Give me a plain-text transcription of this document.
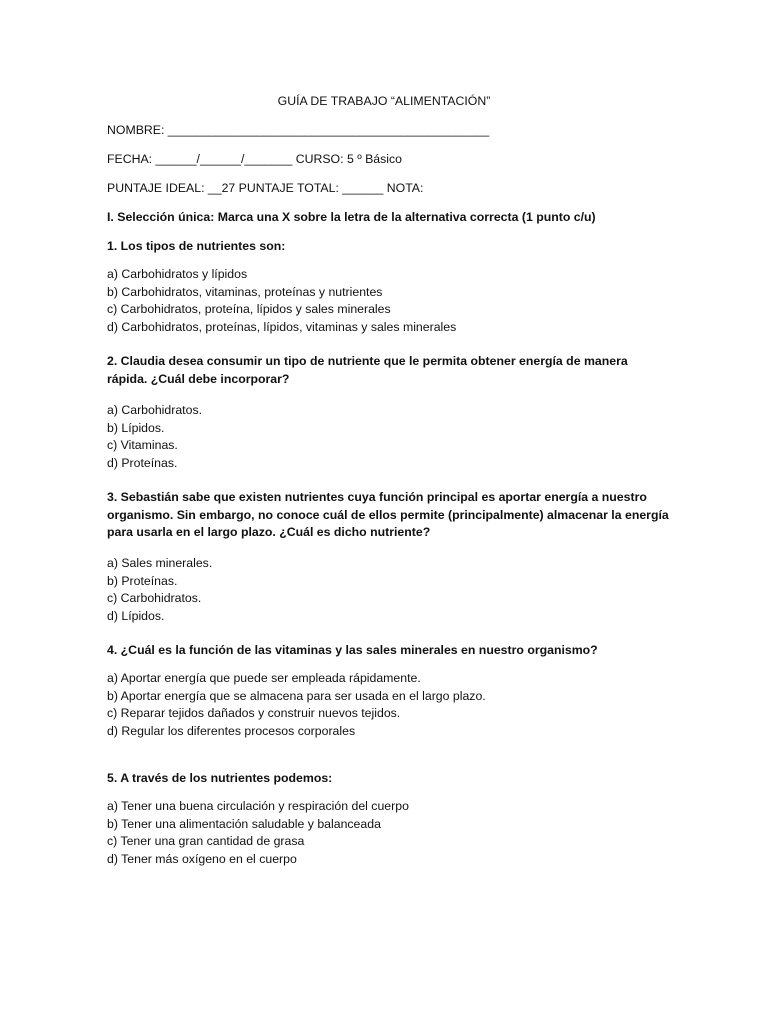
GUÍA DE TRABAJO “ALIMENTACIÓN”
NOMBRE: _______________________________________________
FECHA: ______/______/_______ CURSO: 5 º Básico
PUNTAJE IDEAL: __27 PUNTAJE TOTAL: ______ NOTA:
I. Selección única: Marca una X sobre la letra de la alternativa correcta (1 punto c/u)
1. Los tipos de nutrientes son:
a) Carbohidratos y lípidos
b) Carbohidratos, vitaminas, proteínas y nutrientes
c) Carbohidratos, proteína, lípidos y sales minerales
d) Carbohidratos, proteínas, lípidos, vitaminas y sales minerales
2. Claudia desea consumir un tipo de nutriente que le permita obtener energía de manera
rápida. ¿Cuál debe incorporar?
a) Carbohidratos.
b) Lípidos.
c) Vitaminas.
d) Proteínas.
3. Sebastián sabe que existen nutrientes cuya función principal es aportar energía a nuestro
organismo. Sin embargo, no conoce cuál de ellos permite (principalmente) almacenar la energía
para usarla en el largo plazo. ¿Cuál es dicho nutriente?
a) Sales minerales.
b) Proteínas.
c) Carbohidratos.
d) Lípidos.
4. ¿Cuál es la función de las vitaminas y las sales minerales en nuestro organismo?
a) Aportar energía que puede ser empleada rápidamente.
b) Aportar energía que se almacena para ser usada en el largo plazo.
c) Reparar tejidos dañados y construir nuevos tejidos.
d) Regular los diferentes procesos corporales
5. A través de los nutrientes podemos:
a) Tener una buena circulación y respiración del cuerpo
b) Tener una alimentación saludable y balanceada
c) Tener una gran cantidad de grasa
d) Tener más oxígeno en el cuerpo
